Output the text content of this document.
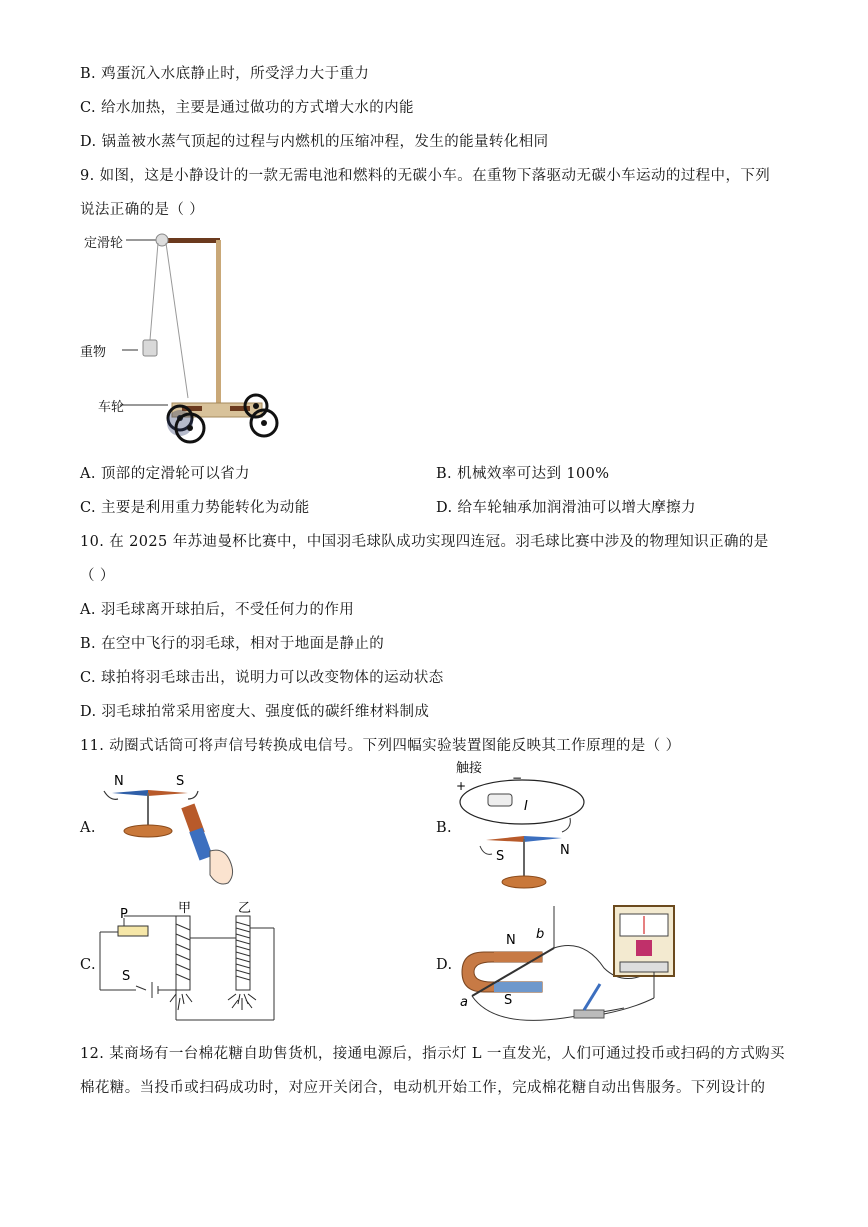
B. 鸡蛋沉入水底静止时，所受浮力大于重力
C. 给水加热，主要是通过做功的方式增大水的内能
D. 锅盖被水蒸气顶起的过程与内燃机的压缩冲程，发生的能量转化相同
9. 如图，这是小静设计的一款无需电池和燃料的无碳小车。在重物下落驱动无碳小车运动的过程中，下列
说法正确的是（ ）
定滑轮
重物
车轮
A. 顶部的定滑轮可以省力	B. 机械效率可达到 100%
C. 主要是利用重力势能转化为动能	D. 给车轮轴承加润滑油可以增大摩擦力
10. 在 2025 年苏迪曼杯比赛中，中国羽毛球队成功实现四连冠。羽毛球比赛中涉及的物理知识正确的是
（ ）
A. 羽毛球离开球拍后，不受任何力的作用
B. 在空中飞行的羽毛球，相对于地面是静止的
C. 球拍将羽毛球击出，说明力可以改变物体的运动状态
D. 羽毛球拍常采用密度大、强度低的碳纤维材料制成
11. 动圈式话筒可将声信号转换成电信号。下列四幅实验装置图能反映其工作原理的是（ ）
A.
N	S
B.
触接
+
−
I
S	N
C.
P	甲	乙
S
D.
N b
S
a
12. 某商场有一台棉花糖自助售货机，接通电源后，指示灯 L 一直发光，人们可通过投币或扫码的方式购买
棉花糖。当投币或扫码成功时，对应开关闭合，电动机开始工作，完成棉花糖自动出售服务。下列设计的
